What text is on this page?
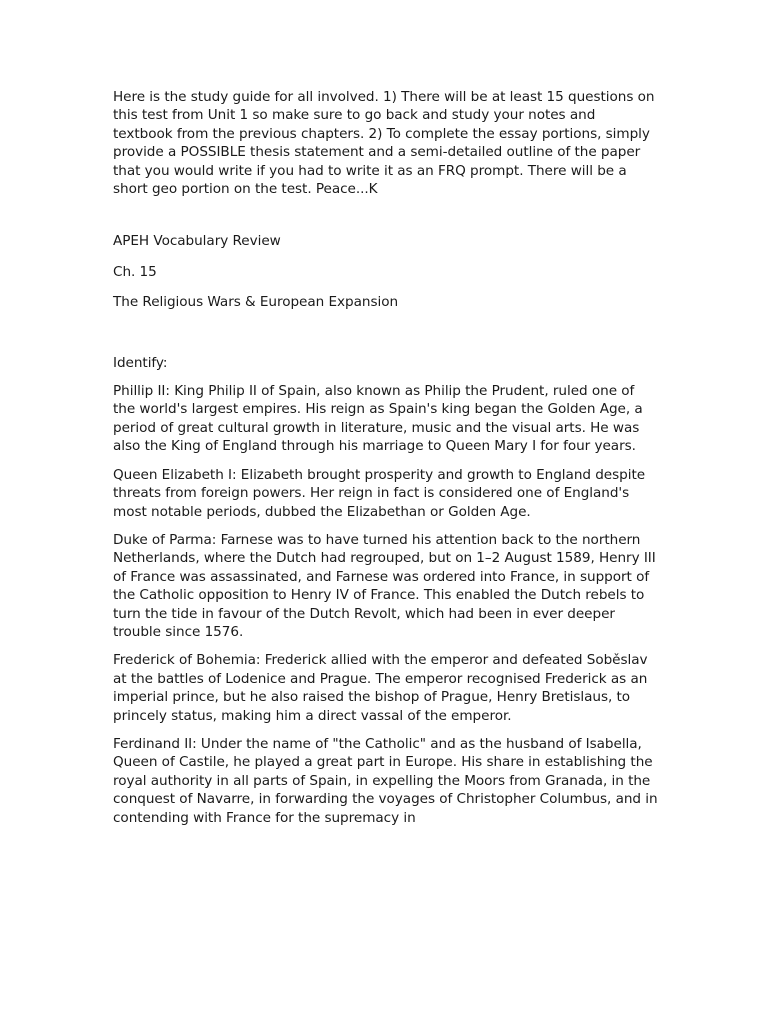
Here is the study guide for all involved. 1) There will be at least 15 questions on this test from Unit 1 so make sure to go back and study your notes and textbook from the previous chapters. 2) To complete the essay portions, simply provide a POSSIBLE thesis statement and a semi-detailed outline of the paper that you would write if you had to write it as an FRQ prompt. There will be a short geo portion on the test. Peace...K

APEH Vocabulary Review

Ch. 15

The Religious Wars & European Expansion

Identify:

Phillip II: King Philip II of Spain, also known as Philip the Prudent, ruled one of the world's largest empires. His reign as Spain's king began the Golden Age, a period of great cultural growth in literature, music and the visual arts. He was also the King of England through his marriage to Queen Mary I for four years.

Queen Elizabeth I: Elizabeth brought prosperity and growth to England despite threats from foreign powers. Her reign in fact is considered one of England's most notable periods, dubbed the Elizabethan or Golden Age.

Duke of Parma: Farnese was to have turned his attention back to the northern Netherlands, where the Dutch had regrouped, but on 1–2 August 1589, Henry III of France was assassinated, and Farnese was ordered into France, in support of the Catholic opposition to Henry IV of France. This enabled the Dutch rebels to turn the tide in favour of the Dutch Revolt, which had been in ever deeper trouble since 1576.

Frederick of Bohemia: Frederick allied with the emperor and defeated Soběslav at the battles of Lodenice and Prague. The emperor recognised Frederick as an imperial prince, but he also raised the bishop of Prague, Henry Bretislaus, to princely status, making him a direct vassal of the emperor.

Ferdinand II: Under the name of "the Catholic" and as the husband of Isabella, Queen of Castile, he played a great part in Europe. His share in establishing the royal authority in all parts of Spain, in expelling the Moors from Granada, in the conquest of Navarre, in forwarding the voyages of Christopher Columbus, and in contending with France for the supremacy in
